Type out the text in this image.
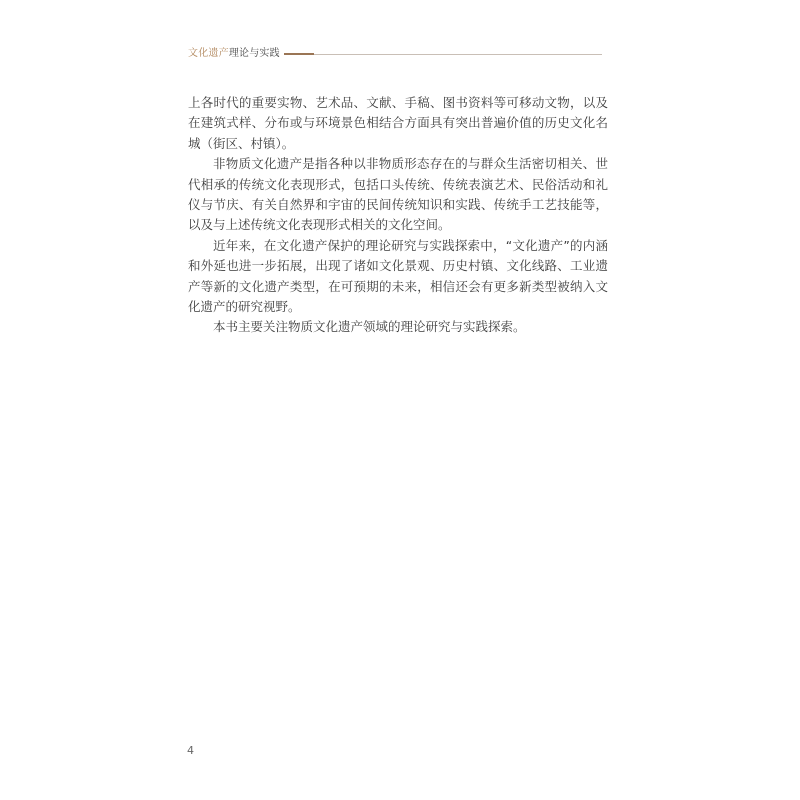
文化遗产理论与实践

上各时代的重要实物、艺术品、文献、手稿、图书资料等可移动文物，以及在建筑式样、分布或与环境景色相结合方面具有突出普遍价值的历史文化名城（街区、村镇）。

非物质文化遗产是指各种以非物质形态存在的与群众生活密切相关、世代相承的传统文化表现形式，包括口头传统、传统表演艺术、民俗活动和礼仪与节庆、有关自然界和宇宙的民间传统知识和实践、传统手工艺技能等，以及与上述传统文化表现形式相关的文化空间。

近年来，在文化遗产保护的理论研究与实践探索中，“文化遗产”的内涵和外延也进一步拓展，出现了诸如文化景观、历史村镇、文化线路、工业遗产等新的文化遗产类型，在可预期的未来，相信还会有更多新类型被纳入文化遗产的研究视野。

本书主要关注物质文化遗产领域的理论研究与实践探索。

4
